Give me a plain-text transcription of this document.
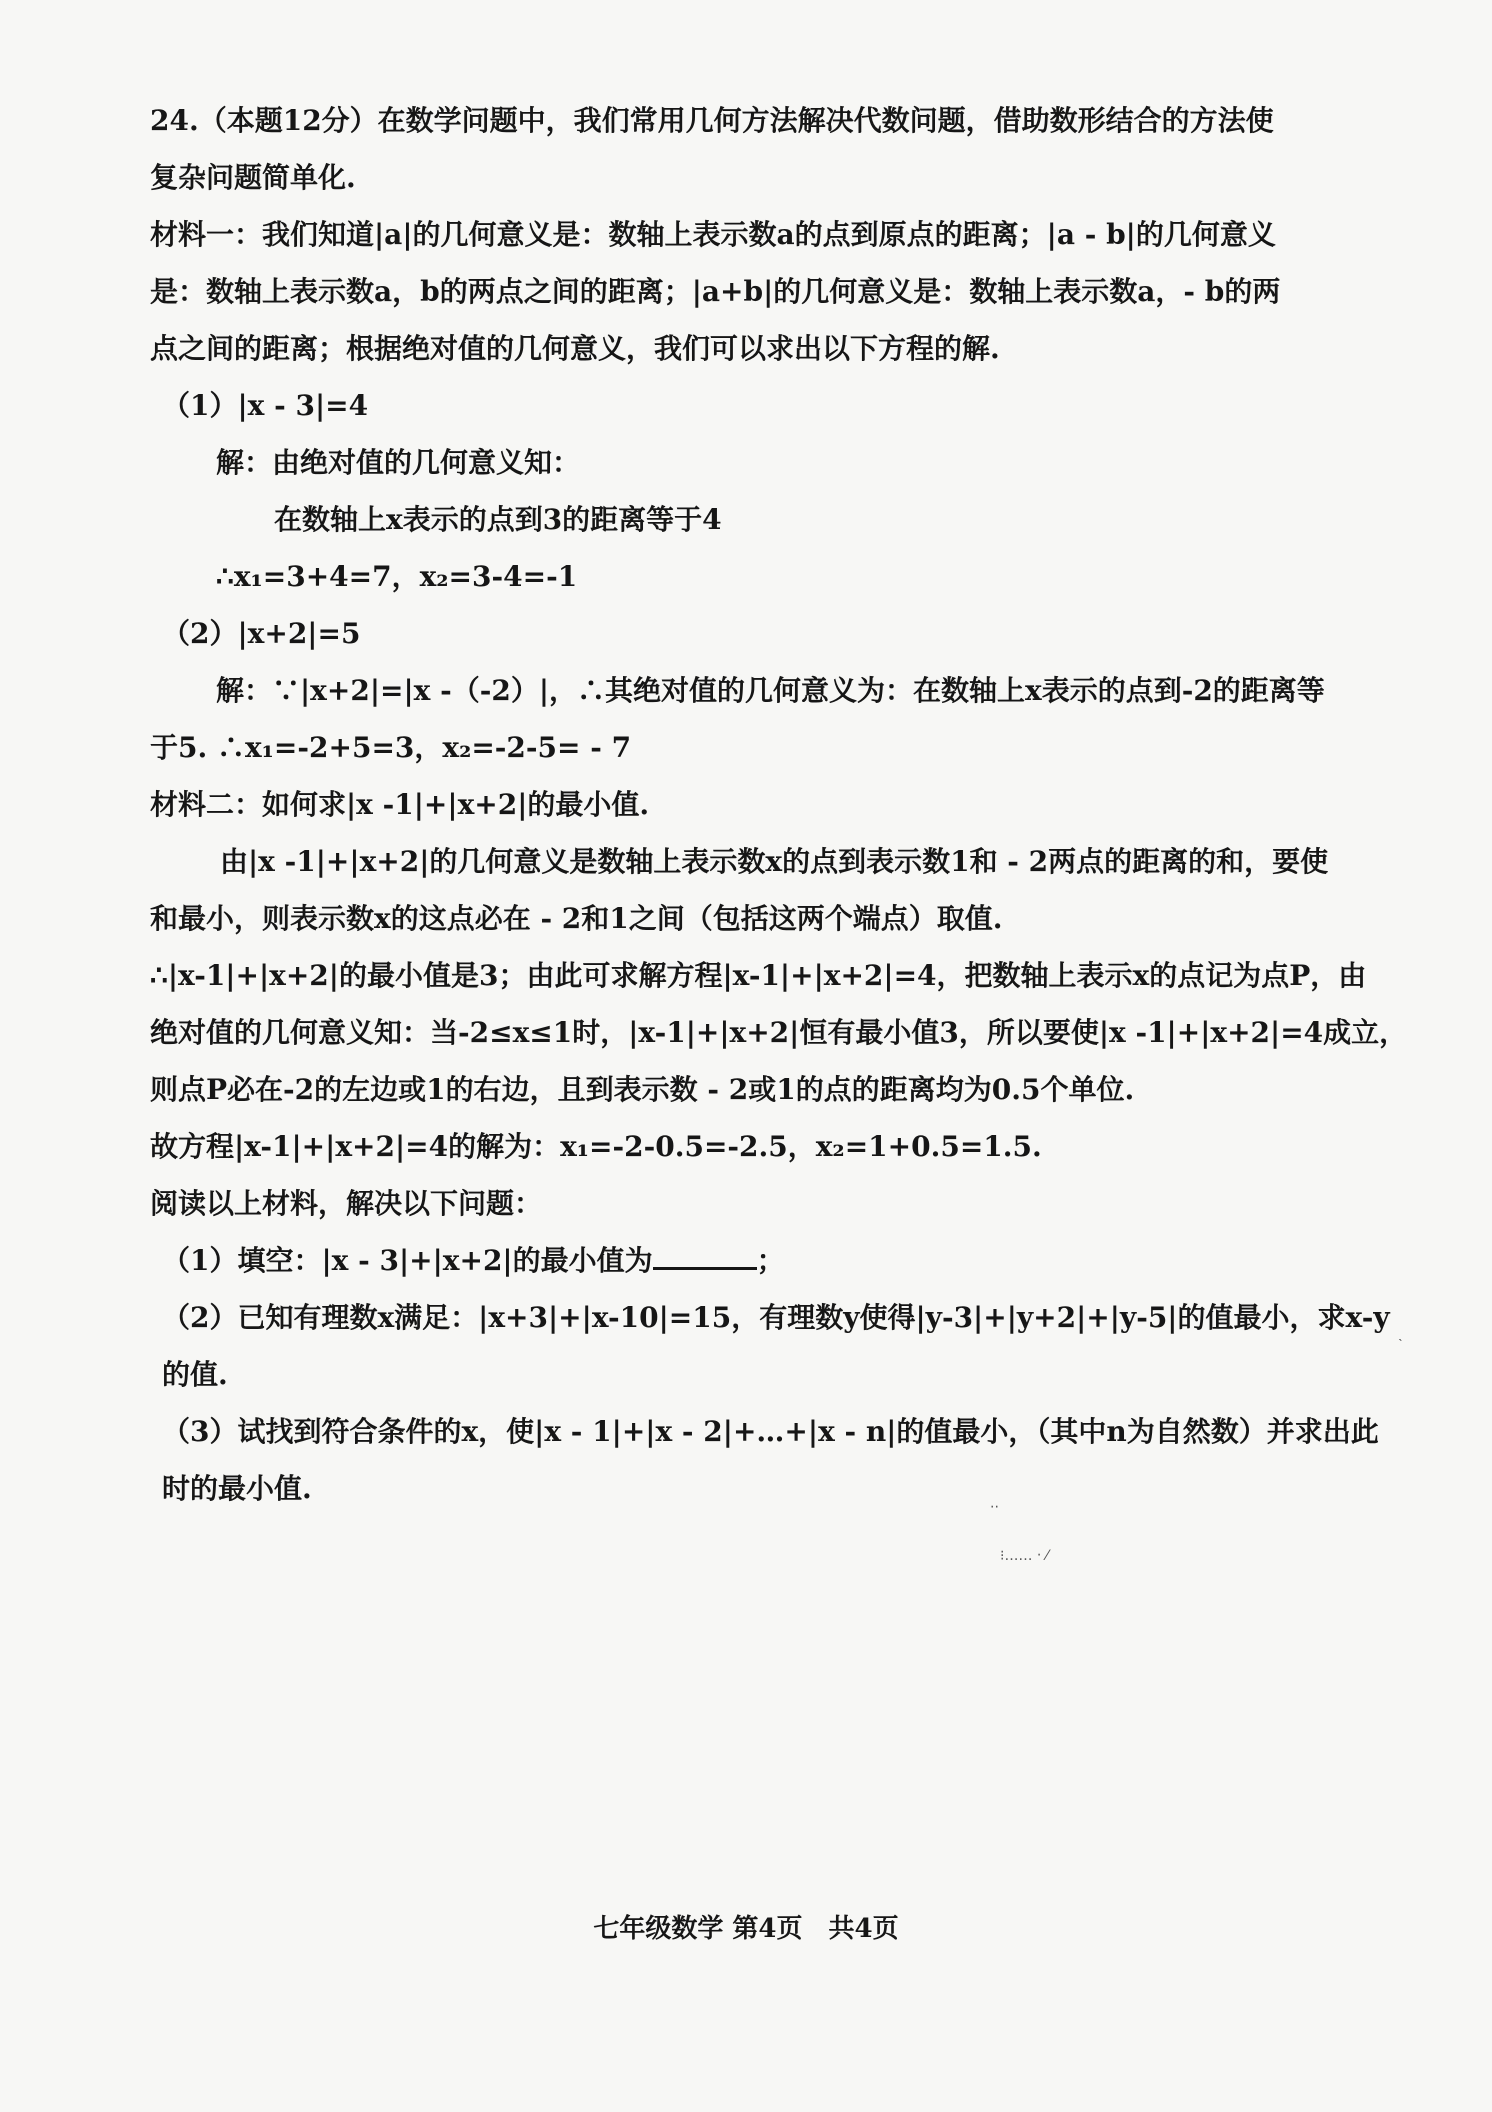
24.（本题12分）在数学问题中，我们常用几何方法解决代数问题，借助数形结合的方法使
复杂问题简单化.
材料一：我们知道|a|的几何意义是：数轴上表示数a的点到原点的距离；|a - b|的几何意义
是：数轴上表示数a，b的两点之间的距离；|a+b|的几何意义是：数轴上表示数a，- b的两
点之间的距离；根据绝对值的几何意义，我们可以求出以下方程的解.
（1）|x - 3|=4
解：由绝对值的几何意义知：
在数轴上x表示的点到3的距离等于4
∴x₁=3+4=7，x₂=3-4=-1
（2）|x+2|=5
解：∵|x+2|=|x -（-2）|，∴其绝对值的几何意义为：在数轴上x表示的点到-2的距离等
于5. ∴x₁=-2+5=3，x₂=-2-5= - 7
材料二：如何求|x -1|+|x+2|的最小值.
由|x -1|+|x+2|的几何意义是数轴上表示数x的点到表示数1和 - 2两点的距离的和，要使
和最小，则表示数x的这点必在 - 2和1之间（包括这两个端点）取值.
∴|x-1|+|x+2|的最小值是3；由此可求解方程|x-1|+|x+2|=4，把数轴上表示x的点记为点P，由
绝对值的几何意义知：当-2≤x≤1时，|x-1|+|x+2|恒有最小值3，所以要使|x -1|+|x+2|=4成立，
则点P必在-2的左边或1的右边，且到表示数 - 2或1的点的距离均为0.5个单位.
故方程|x-1|+|x+2|=4的解为：x₁=-2-0.5=-2.5，x₂=1+0.5=1.5.
阅读以上材料，解决以下问题：
（1）填空：|x - 3|+|x+2|的最小值为	；
（2）已知有理数x满足：|x+3|+|x-10|=15，有理数y使得|y-3|+|y+2|+|y-5|的值最小，求x-y
的值.
（3）试找到符合条件的x，使|x - 1|+|x - 2|+…+|x - n|的值最小，（其中n为自然数）并求出此
时的最小值.
˴
‧‧
⁝‥‥‥ ‧ ⁄
七年级数学 第4页　共4页
